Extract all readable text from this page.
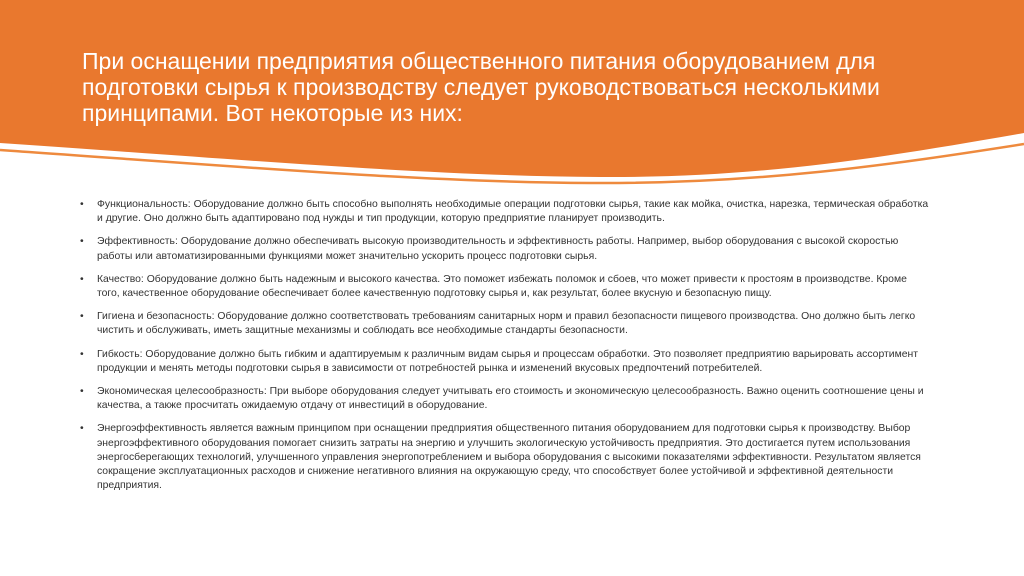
При оснащении предприятия общественного питания оборудованием для подготовки сырья к производству следует руководствоваться несколькими принципами. Вот некоторые из них:
• Функциональность: Оборудование должно быть способно выполнять необходимые операции подготовки сырья, такие как мойка, очистка, нарезка, термическая обработка и другие. Оно должно быть адаптировано под нужды и тип продукции, которую предприятие планирует производить.
• Эффективность: Оборудование должно обеспечивать высокую производительность и эффективность работы. Например, выбор оборудования с высокой скоростью работы или автоматизированными функциями может значительно ускорить процесс подготовки сырья.
• Качество: Оборудование должно быть надежным и высокого качества. Это поможет избежать поломок и сбоев, что может привести к простоям в производстве. Кроме того, качественное оборудование обеспечивает более качественную подготовку сырья и, как результат, более вкусную и безопасную пищу.
• Гигиена и безопасность: Оборудование должно соответствовать требованиям санитарных норм и правил безопасности пищевого производства. Оно должно быть легко чистить и обслуживать, иметь защитные механизмы и соблюдать все необходимые стандарты безопасности.
• Гибкость: Оборудование должно быть гибким и адаптируемым к различным видам сырья и процессам обработки. Это позволяет предприятию варьировать ассортимент продукции и менять методы подготовки сырья в зависимости от потребностей рынка и изменений вкусовых предпочтений потребителей.
• Экономическая целесообразность: При выборе оборудования следует учитывать его стоимость и экономическую целесообразность. Важно оценить соотношение цены и качества, а также просчитать ожидаемую отдачу от инвестиций в оборудование.
• Энергоэффективность является важным принципом при оснащении предприятия общественного питания оборудованием для подготовки сырья к производству. Выбор энергоэффективного оборудования помогает снизить затраты на энергию и улучшить экологическую устойчивость предприятия. Это достигается путем использования энергосберегающих технологий, улучшенного управления энергопотреблением и выбора оборудования с высокими показателями эффективности. Результатом является сокращение эксплуатационных расходов и снижение негативного влияния на окружающую среду, что способствует более устойчивой и эффективной деятельности предприятия.
